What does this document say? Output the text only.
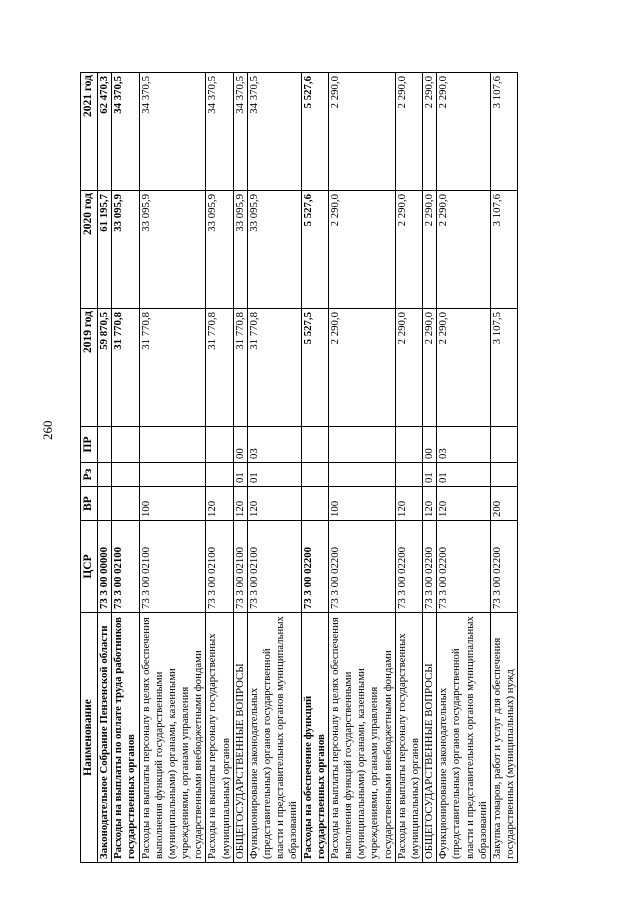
260
Наименование	ЦСР	ВР	Рз	ПР	2019 год	2020 год	2021 год
Законодательное Собрание Пензенской области	73 3 00 00000				59 870,5	61 195,7	62 470,3
Расходы на выплаты по оплате труда работников государственных органов	73 3 00 02100				31 770,8	33 095,9	34 370,5
Расходы на выплаты персоналу в целях обеспечения выполнения функций государственными (муниципальными) органами, казенными учреждениями, органами управления государственными внебюджетными фондами	73 3 00 02100	100			31 770,8	33 095,9	34 370,5
Расходы на выплаты персоналу государственных (муниципальных) органов	73 3 00 02100	120			31 770,8	33 095,9	34 370,5
ОБЩЕГОСУДАРСТВЕННЫЕ ВОПРОСЫ	73 3 00 02100	120	01	00	31 770,8	33 095,9	34 370,5
Функционирование законодательных (представительных) органов государственной власти и представительных органов муниципальных образований	73 3 00 02100	120	01	03	31 770,8	33 095,9	34 370,5
Расходы на обеспечение функций государственных органов	73 3 00 02200				5 527,5	5 527,6	5 527,6
Расходы на выплаты персоналу в целях обеспечения выполнения функций государственными (муниципальными) органами, казенными учреждениями, органами управления государственными внебюджетными фондами	73 3 00 02200	100			2 290,0	2 290,0	2 290,0
Расходы на выплаты персоналу государственных (муниципальных) органов	73 3 00 02200	120			2 290,0	2 290,0	2 290,0
ОБЩЕГОСУДАРСТВЕННЫЕ ВОПРОСЫ	73 3 00 02200	120	01	00	2 290,0	2 290,0	2 290,0
Функционирование законодательных (представительных) органов государственной власти и представительных органов муниципальных образований	73 3 00 02200	120	01	03	2 290,0	2 290,0	2 290,0
Закупка товаров, работ и услуг для обеспечения государственных (муниципальных) нужд	73 3 00 02200	200			3 107,5	3 107,6	3 107,6
